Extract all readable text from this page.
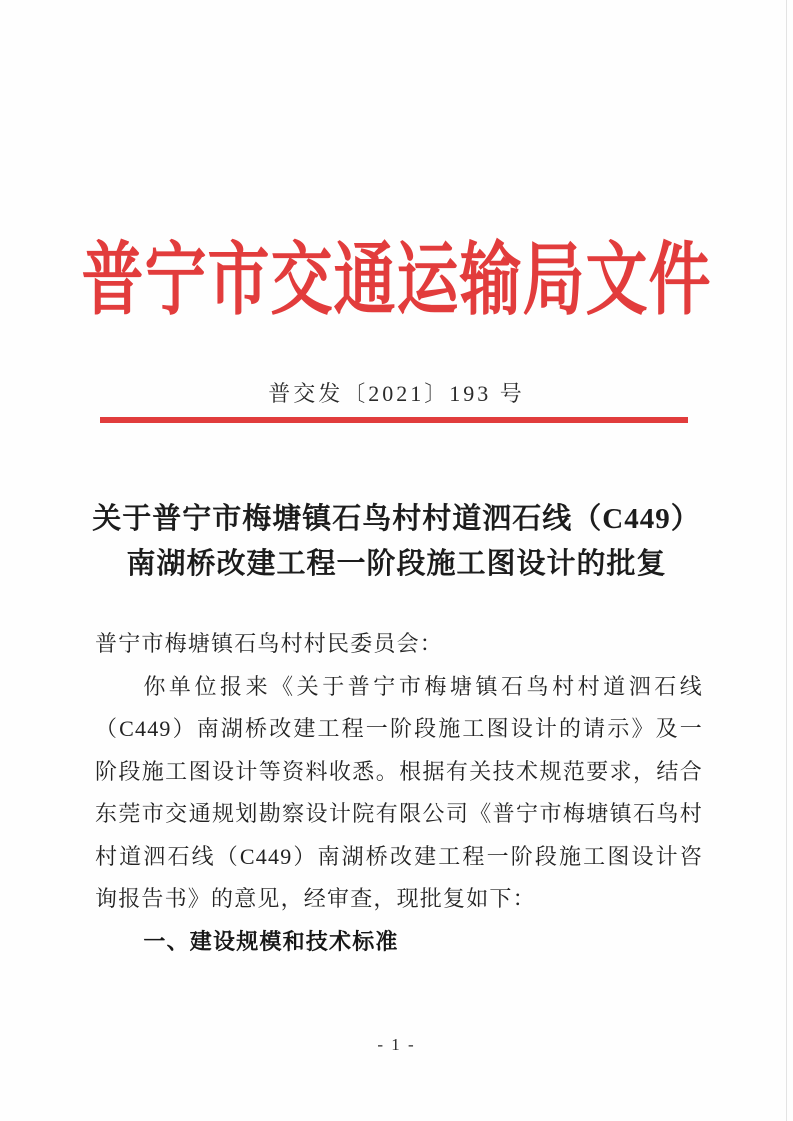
普宁市交通运输局文件
普交发〔2021〕193 号
关于普宁市梅塘镇石鸟村村道泗石线（C449）
南湖桥改建工程一阶段施工图设计的批复
普宁市梅塘镇石鸟村村民委员会：
你单位报来《关于普宁市梅塘镇石鸟村村道泗石线（C449）南湖桥改建工程一阶段施工图设计的请示》及一阶段施工图设计等资料收悉。根据有关技术规范要求，结合东莞市交通规划勘察设计院有限公司《普宁市梅塘镇石鸟村村道泗石线（C449）南湖桥改建工程一阶段施工图设计咨询报告书》的意见，经审查，现批复如下：
一、建设规模和技术标准
- 1 -
